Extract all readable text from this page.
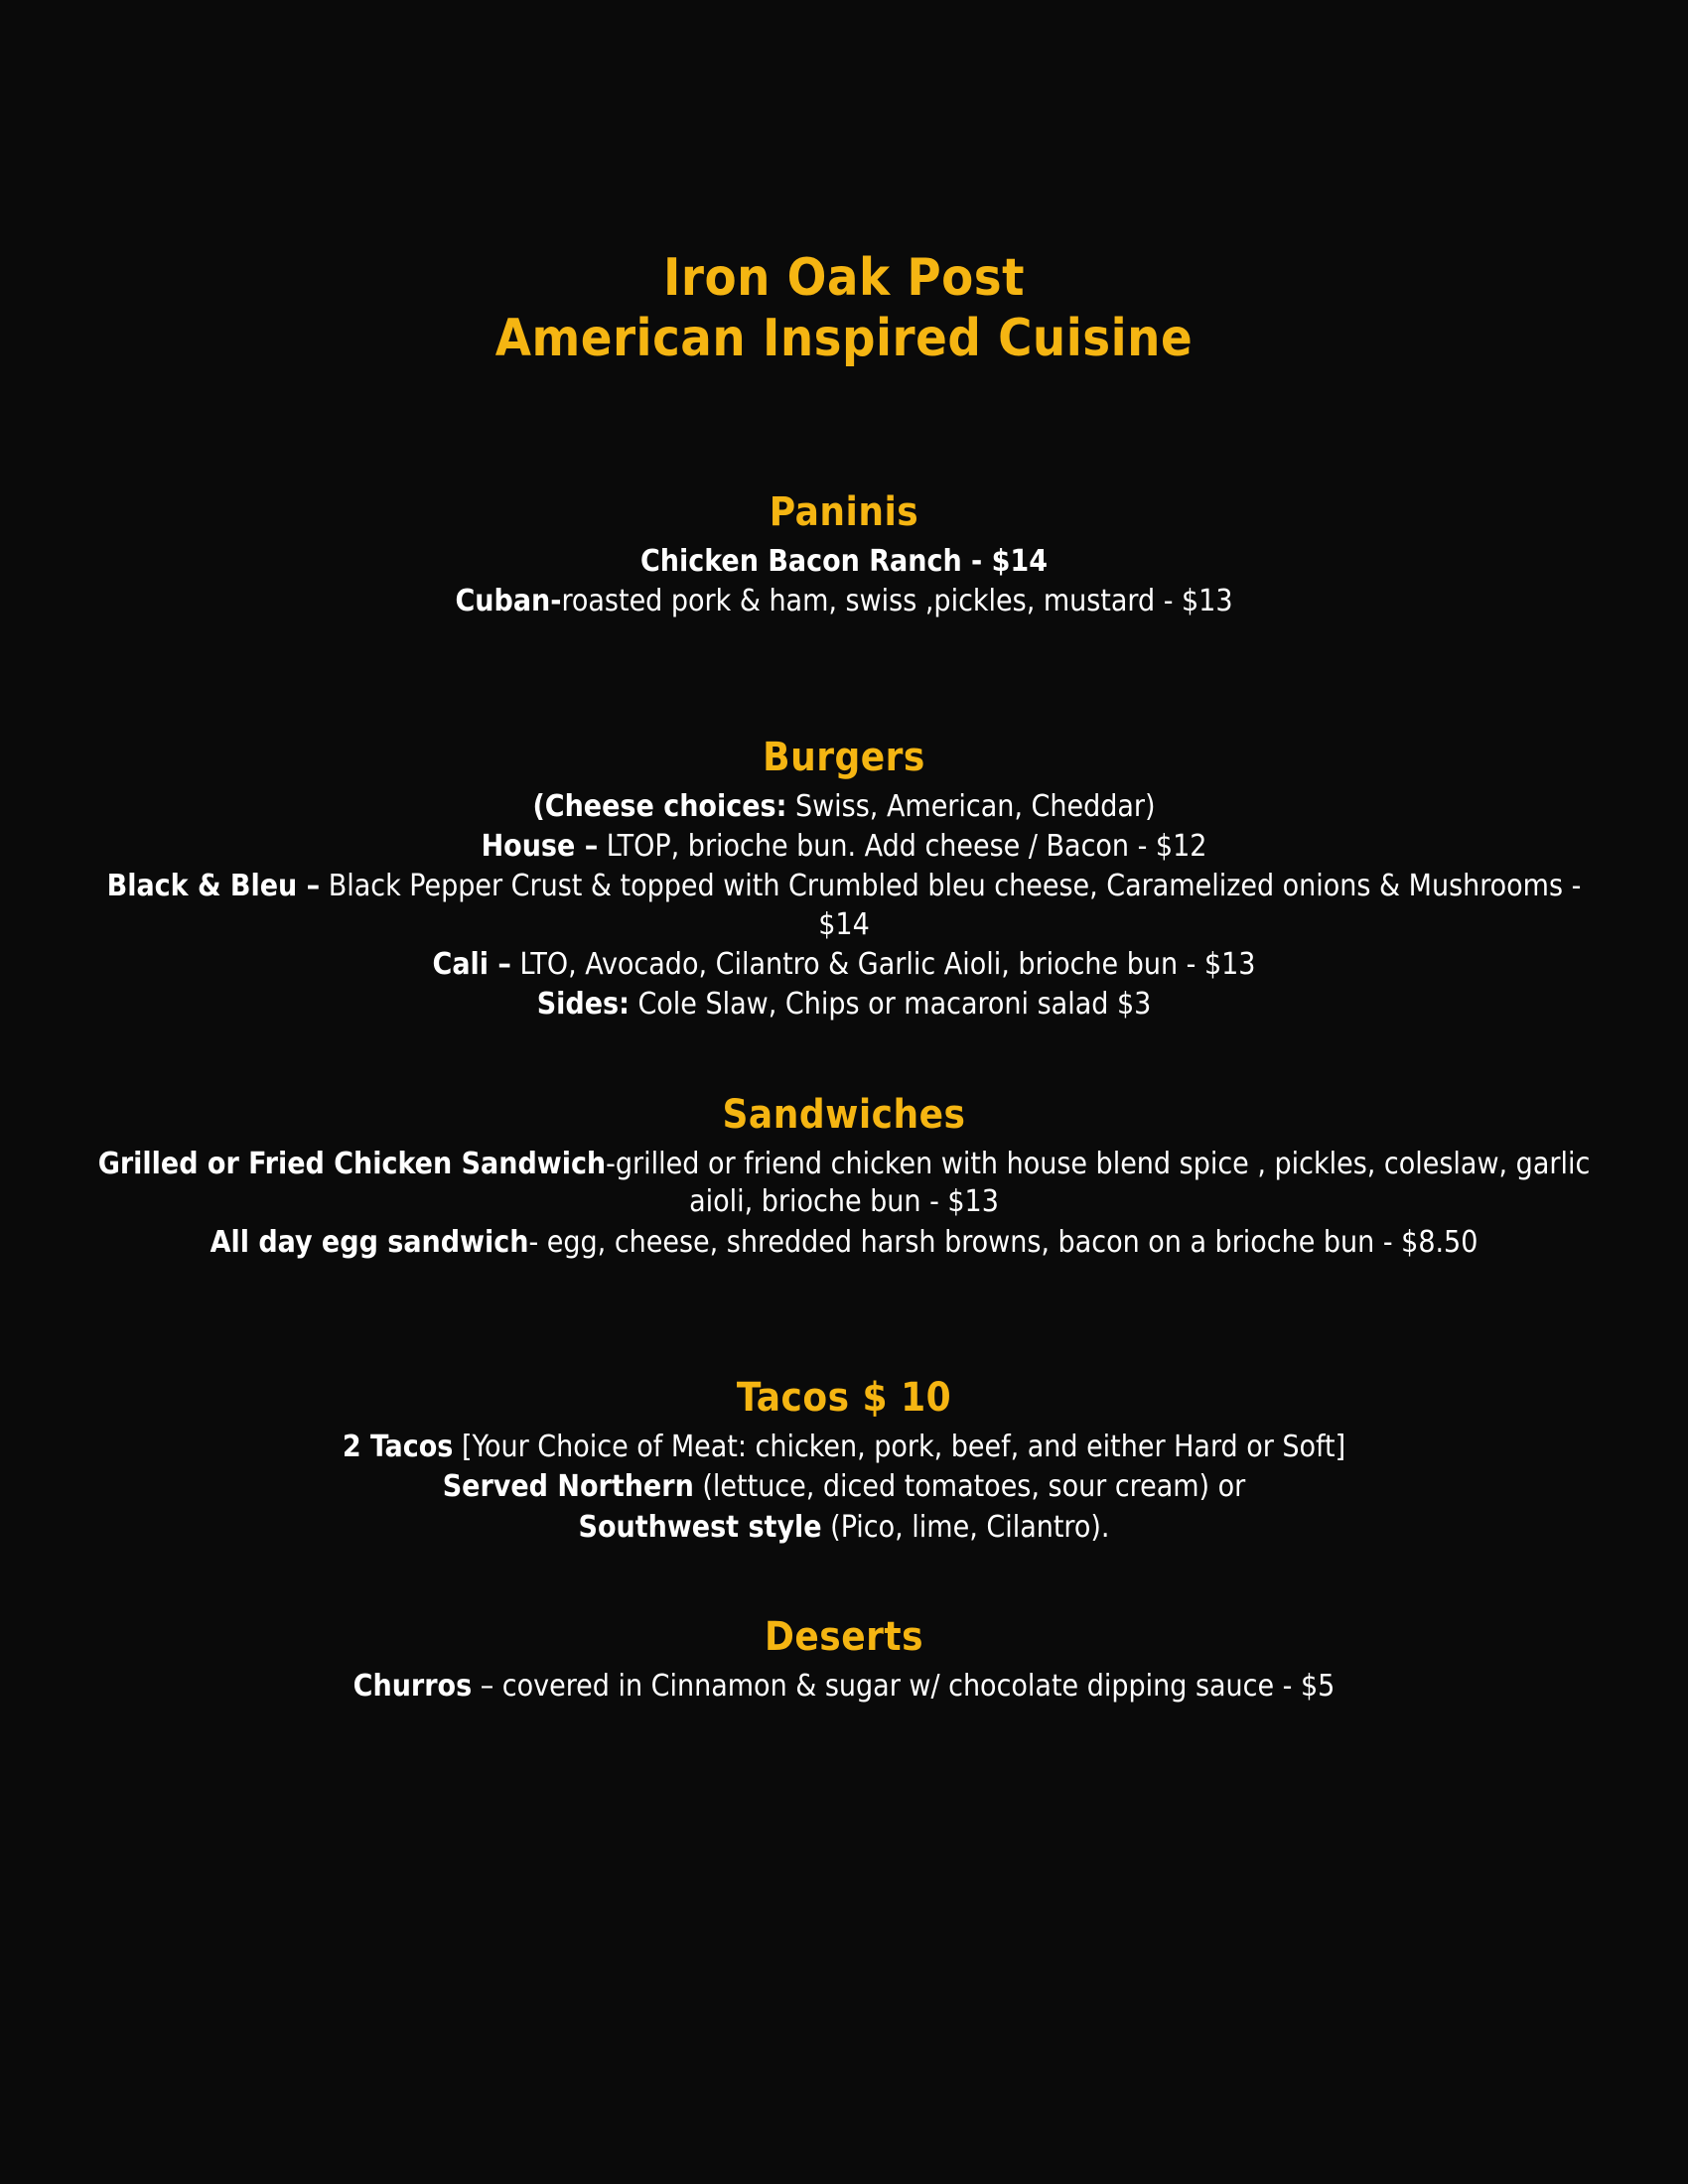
Iron Oak Post
American Inspired Cuisine
Paninis
Chicken Bacon Ranch - $14
Cuban-roasted pork & ham, swiss ,pickles, mustard - $13
Burgers
(Cheese choices: Swiss, American, Cheddar)
House – LTOP, brioche bun. Add cheese / Bacon - $12
Black & Bleu – Black Pepper Crust & topped with Crumbled bleu cheese, Caramelized onions & Mushrooms - $14
Cali – LTO, Avocado, Cilantro & Garlic Aioli, brioche bun - $13
Sides: Cole Slaw, Chips or macaroni salad $3
Sandwiches
Grilled or Fried Chicken Sandwich-grilled or friend chicken with house blend spice , pickles, coleslaw, garlic aioli, brioche bun - $13
All day egg sandwich- egg, cheese, shredded harsh browns, bacon on a brioche bun - $8.50
Tacos $ 10
2 Tacos [Your Choice of Meat: chicken, pork, beef, and either Hard or Soft]
Served Northern (lettuce, diced tomatoes, sour cream) or
Southwest style (Pico, lime, Cilantro).
Deserts
Churros – covered in Cinnamon & sugar w/ chocolate dipping sauce - $5
